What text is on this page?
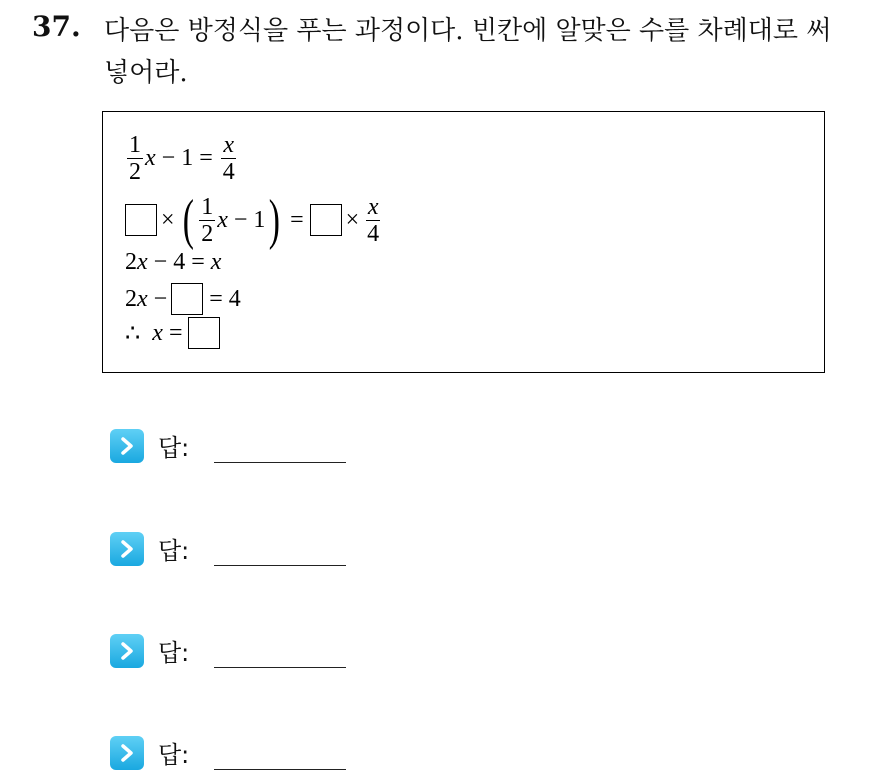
37. 다음은 방정식을 푸는 과정이다. 빈칸에 알맞은 수를 차례대로 써
넣어라.
$\frac{1}{2}$ $x - 1 = \frac{x}{4}$
× ( $\frac{1}{2}$ x − 1 ) = × $\frac{x}{4}$
2 x − 4 = x
2 x − = 4
∴ x =
답:
답:
답:
답:
